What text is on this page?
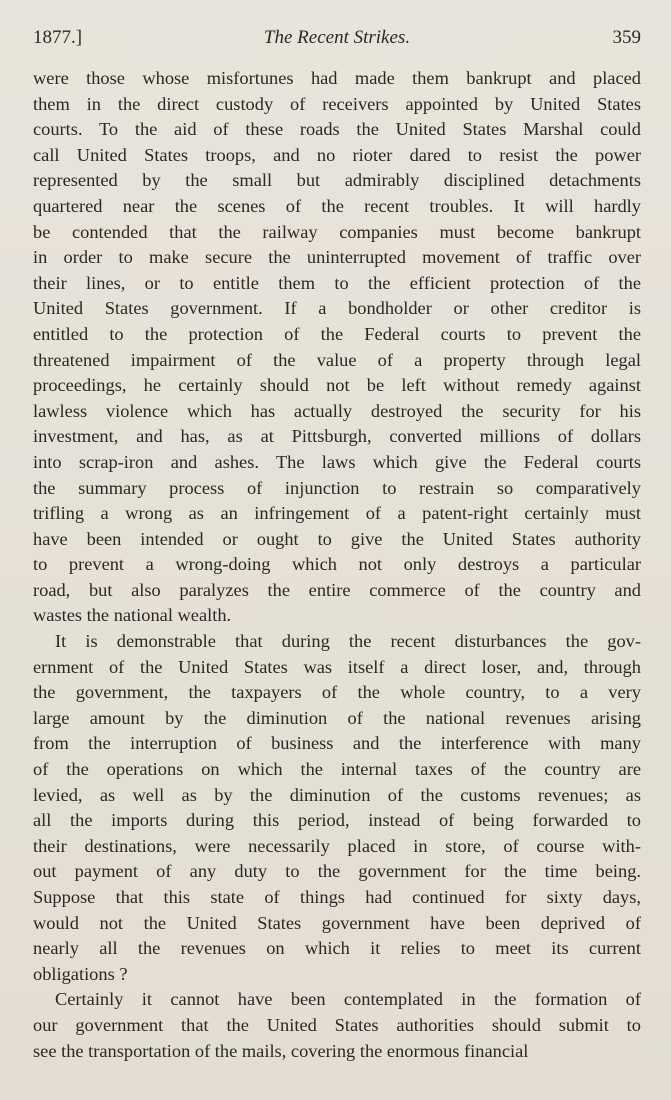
1877.]	The Recent Strikes.	359

were those whose misfortunes had made them bankrupt and placed
them in the direct custody of receivers appointed by United States
courts. To the aid of these roads the United States Marshal could
call United States troops, and no rioter dared to resist the power
represented by the small but admirably disciplined detachments
quartered near the scenes of the recent troubles. It will hardly
be contended that the railway companies must become bankrupt
in order to make secure the uninterrupted movement of traffic over
their lines, or to entitle them to the efficient protection of the
United States government. If a bondholder or other creditor is
entitled to the protection of the Federal courts to prevent the
threatened impairment of the value of a property through legal
proceedings, he certainly should not be left without remedy against
lawless violence which has actually destroyed the security for his
investment, and has, as at Pittsburgh, converted millions of dollars
into scrap-iron and ashes. The laws which give the Federal courts
the summary process of injunction to restrain so comparatively
trifling a wrong as an infringement of a patent-right certainly must
have been intended or ought to give the United States authority
to prevent a wrong-doing which not only destroys a particular
road, but also paralyzes the entire commerce of the country and
wastes the national wealth.

It is demonstrable that during the recent disturbances the gov-
ernment of the United States was itself a direct loser, and, through
the government, the taxpayers of the whole country, to a very
large amount by the diminution of the national revenues arising
from the interruption of business and the interference with many
of the operations on which the internal taxes of the country are
levied, as well as by the diminution of the customs revenues; as
all the imports during this period, instead of being forwarded to
their destinations, were necessarily placed in store, of course with-
out payment of any duty to the government for the time being.
Suppose that this state of things had continued for sixty days,
would not the United States government have been deprived of
nearly all the revenues on which it relies to meet its current
obligations ?

Certainly it cannot have been contemplated in the formation of
our government that the United States authorities should submit to
see the transportation of the mails, covering the enormous financial
